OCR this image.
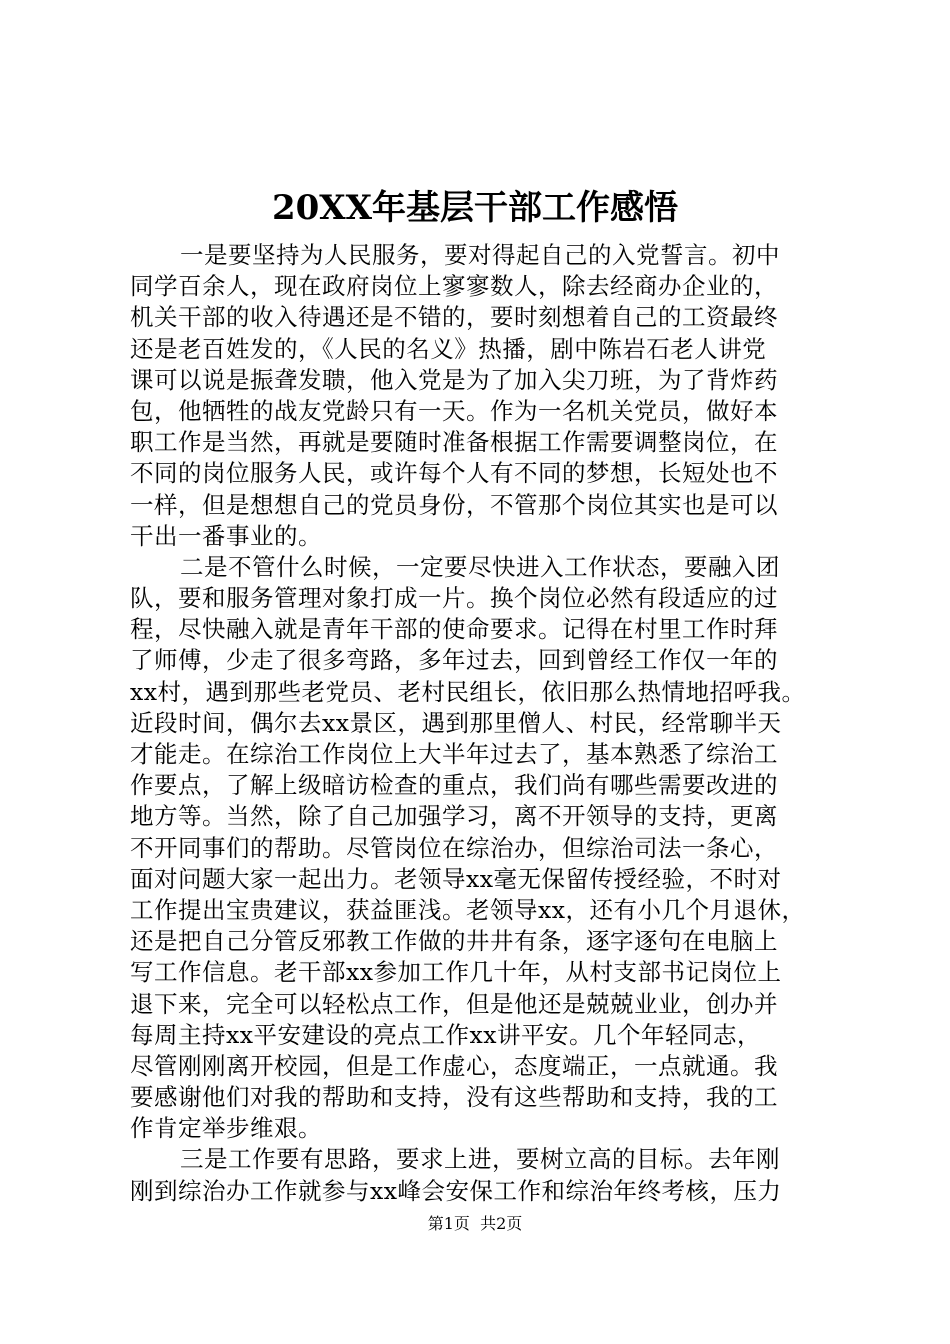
20XX年基层干部工作感悟
一是要坚持为人民服务，要对得起自己的入党誓言。初中
同学百余人，现在政府岗位上寥寥数人，除去经商办企业的，
机关干部的收入待遇还是不错的，要时刻想着自己的工资最终
还是老百姓发的，《人民的名义》热播，剧中陈岩石老人讲党
课可以说是振聋发聩，他入党是为了加入尖刀班，为了背炸药
包，他牺牲的战友党龄只有一天。作为一名机关党员，做好本
职工作是当然，再就是要随时准备根据工作需要调整岗位，在
不同的岗位服务人民，或许每个人有不同的梦想，长短处也不
一样，但是想想自己的党员身份，不管那个岗位其实也是可以
干出一番事业的。
二是不管什么时候，一定要尽快进入工作状态，要融入团
队，要和服务管理对象打成一片。换个岗位必然有段适应的过
程，尽快融入就是青年干部的使命要求。记得在村里工作时拜
了师傅，少走了很多弯路，多年过去，回到曾经工作仅一年的
xx村，遇到那些老党员、老村民组长，依旧那么热情地招呼我。
近段时间，偶尔去xx景区，遇到那里僧人、村民，经常聊半天
才能走。在综治工作岗位上大半年过去了，基本熟悉了综治工
作要点，了解上级暗访检查的重点，我们尚有哪些需要改进的
地方等。当然，除了自己加强学习，离不开领导的支持，更离
不开同事们的帮助。尽管岗位在综治办，但综治司法一条心，
面对问题大家一起出力。老领导xx毫无保留传授经验，不时对
工作提出宝贵建议，获益匪浅。老领导xx，还有小几个月退休，
还是把自己分管反邪教工作做的井井有条，逐字逐句在电脑上
写工作信息。老干部xx参加工作几十年，从村支部书记岗位上
退下来，完全可以轻松点工作，但是他还是兢兢业业，创办并
每周主持xx平安建设的亮点工作xx讲平安。几个年轻同志，
尽管刚刚离开校园，但是工作虚心，态度端正，一点就通。我
要感谢他们对我的帮助和支持，没有这些帮助和支持，我的工
作肯定举步维艰。
三是工作要有思路，要求上进，要树立高的目标。去年刚
刚到综治办工作就参与xx峰会安保工作和综治年终考核，压力
第1页 共2页
